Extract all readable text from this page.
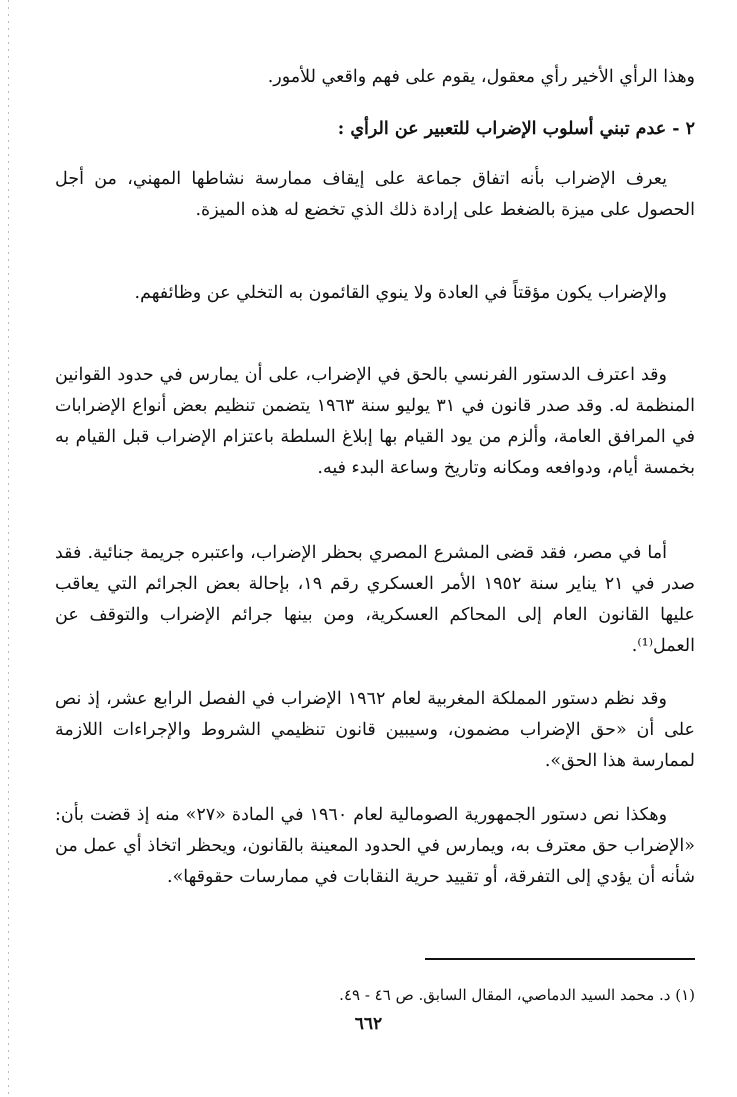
وهذا الرأي الأخير رأي معقول، يقوم على فهم واقعي للأمور.
٢ - عدم تبني أسلوب الإضراب للتعبير عن الرأي :
يعرف الإضراب بأنه اتفاق جماعة على إيقاف ممارسة نشاطها المهني، من أجل الحصول على ميزة بالضغط على إرادة ذلك الذي تخضع له هذه الميزة.
والإضراب يكون مؤقتاً في العادة ولا ينوي القائمون به التخلي عن وظائفهم.
وقد اعترف الدستور الفرنسي بالحق في الإضراب، على أن يمارس في حدود القوانين المنظمة له. وقد صدر قانون في ٣١ يوليو سنة ١٩٦٣ يتضمن تنظيم بعض أنواع الإضرابات في المرافق العامة، وألزم من يود القيام بها إبلاغ السلطة باعتزام الإضراب قبل القيام به بخمسة أيام، ودوافعه ومكانه وتاريخ وساعة البدء فيه.
أما في مصر، فقد قضى المشرع المصري بحظر الإضراب، واعتبره جريمة جنائية. فقد صدر في ٢١ يناير سنة ١٩٥٢ الأمر العسكري رقم ١٩، بإحالة بعض الجرائم التي يعاقب عليها القانون العام إلى المحاكم العسكرية، ومن بينها جرائم الإضراب والتوقف عن العمل⁽¹⁾.
وقد نظم دستور المملكة المغربية لعام ١٩٦٢ الإضراب في الفصل الرابع عشر، إذ نص على أن «حق الإضراب مضمون، وسيبين قانون تنظيمي الشروط والإجراءات اللازمة لممارسة هذا الحق».
وهكذا نص دستور الجمهورية الصومالية لعام ١٩٦٠ في المادة «٢٧» منه إذ قضت بأن: «الإضراب حق معترف به، ويمارس في الحدود المعينة بالقانون، ويحظر اتخاذ أي عمل من شأنه أن يؤدي إلى التفرقة، أو تقييد حرية النقابات في ممارسات حقوقها».
(١) د. محمد السيد الدماصي، المقال السابق. ص ٤٦ - ٤٩.
٦٦٢
